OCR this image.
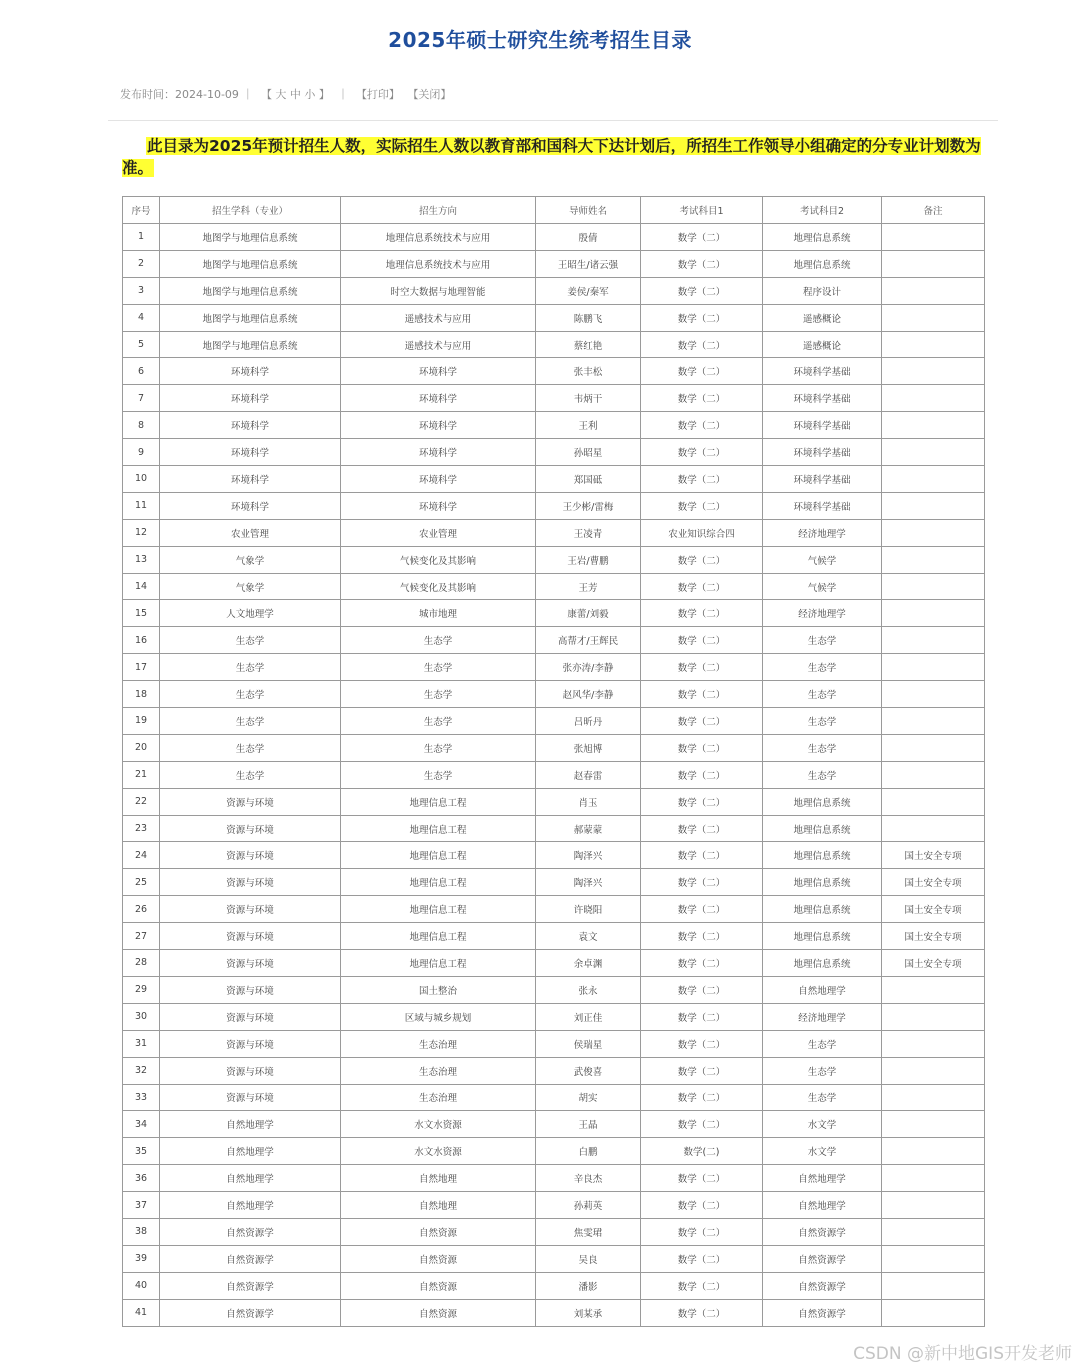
2025年硕士研究生统考招生目录
发布时间：2024-10-09 ｜ 【 大 中 小 】 ｜ 【打印】 【关闭】
此目录为2025年预计招生人数，实际招生人数以教育部和国科大下达计划后，所招生工作领导小组确定的分专业计划数为准。
序号	招生学科（专业）	招生方向	导师姓名	考试科目1	考试科目2	备注
1	地图学与地理信息系统	地理信息系统技术与应用	殷倩	数学（二）	地理信息系统	
2	地图学与地理信息系统	地理信息系统技术与应用	王昭生/诸云强	数学（二）	地理信息系统	
3	地图学与地理信息系统	时空大数据与地理智能	姜侯/秦军	数学（二）	程序设计	
4	地图学与地理信息系统	遥感技术与应用	陈鹏飞	数学（二）	遥感概论	
5	地图学与地理信息系统	遥感技术与应用	蔡红艳	数学（二）	遥感概论	
6	环境科学	环境科学	张丰松	数学（二）	环境科学基础	
7	环境科学	环境科学	韦炳干	数学（二）	环境科学基础	
8	环境科学	环境科学	王利	数学（二）	环境科学基础	
9	环境科学	环境科学	孙昭星	数学（二）	环境科学基础	
10	环境科学	环境科学	郑国砥	数学（二）	环境科学基础	
11	环境科学	环境科学	王少彬/雷梅	数学（二）	环境科学基础	
12	农业管理	农业管理	王凌青	农业知识综合四	经济地理学	
13	气象学	气候变化及其影响	王岩/曹鹏	数学（二）	气候学	
14	气象学	气候变化及其影响	王芳	数学（二）	气候学	
15	人文地理学	城市地理	康蕾/刘毅	数学（二）	经济地理学	
16	生态学	生态学	高帮才/王辉民	数学（二）	生态学	
17	生态学	生态学	张亦涛/李静	数学（二）	生态学	
18	生态学	生态学	赵风华/李静	数学（二）	生态学	
19	生态学	生态学	吕昕丹	数学（二）	生态学	
20	生态学	生态学	张旭博	数学（二）	生态学	
21	生态学	生态学	赵春雷	数学（二）	生态学	
22	资源与环境	地理信息工程	肖玉	数学（二）	地理信息系统	
23	资源与环境	地理信息工程	郝蒙蒙	数学（二）	地理信息系统	
24	资源与环境	地理信息工程	陶泽兴	数学（二）	地理信息系统	国土安全专项
25	资源与环境	地理信息工程	陶泽兴	数学（二）	地理信息系统	国土安全专项
26	资源与环境	地理信息工程	许晓阳	数学（二）	地理信息系统	国土安全专项
27	资源与环境	地理信息工程	袁文	数学（二）	地理信息系统	国土安全专项
28	资源与环境	地理信息工程	余卓渊	数学（二）	地理信息系统	国土安全专项
29	资源与环境	国土整治	张永	数学（二）	自然地理学	
30	资源与环境	区域与城乡规划	刘正佳	数学（二）	经济地理学	
31	资源与环境	生态治理	侯瑞星	数学（二）	生态学	
32	资源与环境	生态治理	武俊喜	数学（二）	生态学	
33	资源与环境	生态治理	胡实	数学（二）	生态学	
34	自然地理学	水文水资源	王晶	数学（二）	水文学	
35	自然地理学	水文水资源	白鹏	数学(二)	水文学	
36	自然地理学	自然地理	辛良杰	数学（二）	自然地理学	
37	自然地理学	自然地理	孙莉英	数学（二）	自然地理学	
38	自然资源学	自然资源	焦雯珺	数学（二）	自然资源学	
39	自然资源学	自然资源	吴良	数学（二）	自然资源学	
40	自然资源学	自然资源	潘影	数学（二）	自然资源学	
41	自然资源学	自然资源	刘某承	数学（二）	自然资源学	
CSDN @新中地GIS开发老师
